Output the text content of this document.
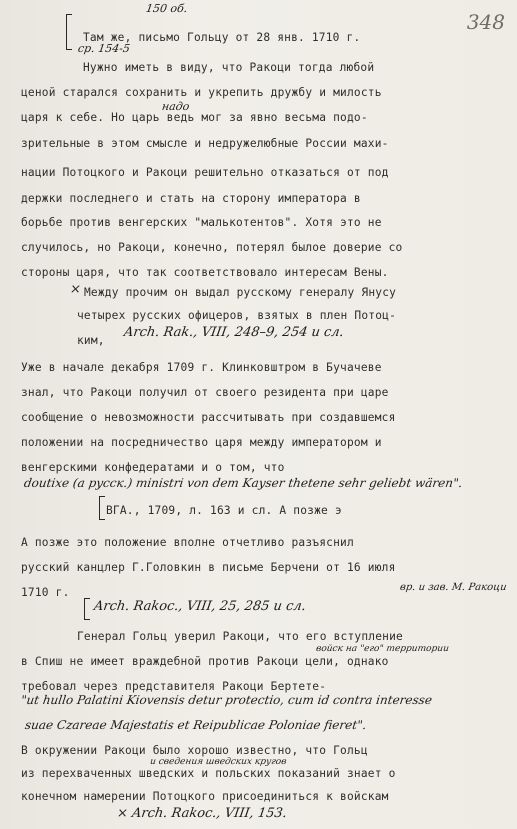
348
150 об.
ср. 154-5
Там же, письмо Гольцу от 28 янв. 1710 г.
Нужно иметь в виду, что Ракоци тогда любой
ценой старался сохранить и укрепить дружбу и милость
надо
царя к себе. Но царь ведь мог за явно весьма подо-
зрительные в этом смысле и недружелюбные России махи-
нации Потоцкого и Ракоци решительно отказаться от под
держки последнего и стать на сторону императора в
борьбе против венгерских "малькотентов". Хотя это не
случилось, но Ракоци, конечно, потерял былое доверие со
стороны царя, что так соответствовало интересам Вены.
× Между прочим он выдал русскому генералу Янусу
четырех русских офицеров, взятых в плен Потоц-
ким,
Arch. Rak., VIII, 248–9, 254 и сл.
Уже в начале декабря 1709 г. Клинковштром в Бучачеве
знал, что Ракоци получил от своего резидента при царе
сообщение о невозможности рассчитывать при создавшемся
положении на посредничество царя между императором и
венгерскими конфедератами и о том, что
doutixe (a pyccк.) ministri von dem Kayser thetene sehr geliebt wären".
ВГА., 1709, л. 163 и сл. А позже э
А позже это положение вполне отчетливо разъяснил
русский канцлер Г.Головкин в письме Берчени от 16 июля
1710 г.
Arch. Rakoc., VIII, 25, 285 и сл.
вр. и зав. М. Ракоци
Генерал Гольц уверил Ракоци, что его вступление
войск на "его" территории
в Спиш не имеет враждебной против Ракоци цели, однако
требовал через представителя Ракоци Бертете-
"ut hullo Palatini Kiovensis detur protectio, cum id contra interesse
suae Czareae Majestatis et Reipublicae Poloniae fieret".
В окружении Ракоци было хорошо известно, что Гольц
и сведения шведских кругов
из перехваченных шведских и польских показаний знает о
конечном намерении Потоцкого присоединиться к войскам
× Arch. Rakoc., VIII, 153.
